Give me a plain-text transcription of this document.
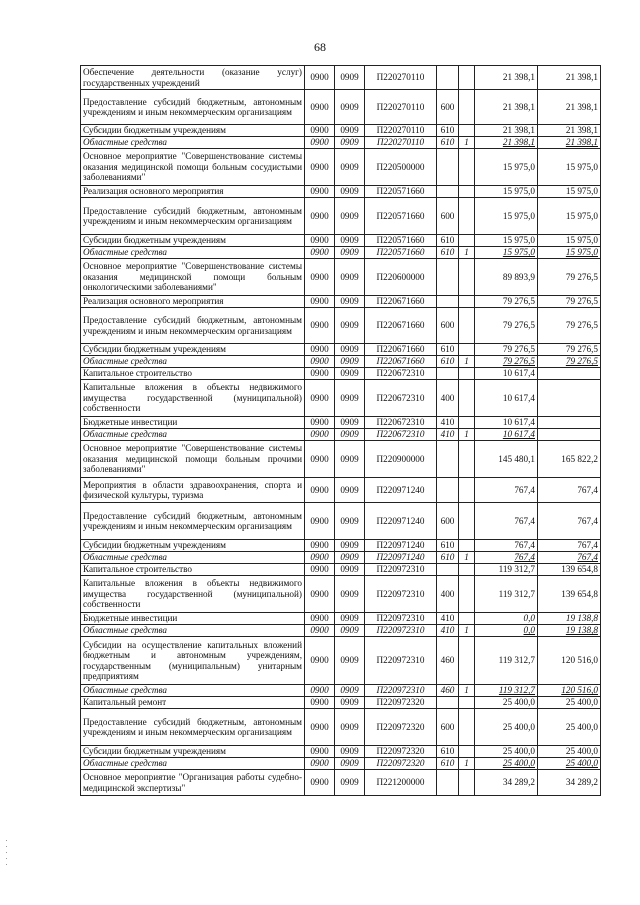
68
Обеспечение деятельности (оказание услуг) государственных учреждений	0900	0909	П220270110			21 398,1	21 398,1
Предоставление субсидий бюджетным, автономным учреждениям и иным некоммерческим организациям	0900	0909	П220270110	600		21 398,1	21 398,1
Субсидии бюджетным учреждениям	0900	0909	П220270110	610		21 398,1	21 398,1
Областные средства	0900	0909	П220270110	610	1	21 398,1	21 398,1
Основное мероприятие "Совершенствование системы оказания медицинской помощи больным сосудистыми заболеваниями"	0900	0909	П220500000			15 975,0	15 975,0
Реализация основного мероприятия	0900	0909	П220571660			15 975,0	15 975,0
Предоставление субсидий бюджетным, автономным учреждениям и иным некоммерческим организациям	0900	0909	П220571660	600		15 975,0	15 975,0
Субсидии бюджетным учреждениям	0900	0909	П220571660	610		15 975,0	15 975,0
Областные средства	0900	0909	П220571660	610	1	15 975,0	15 975,0
Основное мероприятие "Совершенствование системы оказания медицинской помощи больным онкологическими заболеваниями"	0900	0909	П220600000			89 893,9	79 276,5
Реализация основного мероприятия	0900	0909	П220671660			79 276,5	79 276,5
Предоставление субсидий бюджетным, автономным учреждениям и иным некоммерческим организациям	0900	0909	П220671660	600		79 276,5	79 276,5
Субсидии бюджетным учреждениям	0900	0909	П220671660	610		79 276,5	79 276,5
Областные средства	0900	0909	П220671660	610	1	79 276,5	79 276,5
Капитальное строительство	0900	0909	П220672310			10 617,4	
Капитальные вложения в объекты недвижимого имущества государственной (муниципальной) собственности	0900	0909	П220672310	400		10 617,4	
Бюджетные инвестиции	0900	0909	П220672310	410		10 617,4	
Областные средства	0900	0909	П220672310	410	1	10 617,4	
Основное мероприятие "Совершенствование системы оказания медицинской помощи больным прочими заболеваниями"	0900	0909	П220900000			145 480,1	165 822,2
Мероприятия в области здравоохранения, спорта и физической культуры, туризма	0900	0909	П220971240			767,4	767,4
Предоставление субсидий бюджетным, автономным учреждениям и иным некоммерческим организациям	0900	0909	П220971240	600		767,4	767,4
Субсидии бюджетным учреждениям	0900	0909	П220971240	610		767,4	767,4
Областные средства	0900	0909	П220971240	610	1	767,4	767,4
Капитальное строительство	0900	0909	П220972310			119 312,7	139 654,8
Капитальные вложения в объекты недвижимого имущества государственной (муниципальной) собственности	0900	0909	П220972310	400		119 312,7	139 654,8
Бюджетные инвестиции	0900	0909	П220972310	410		0,0	19 138,8
Областные средства	0900	0909	П220972310	410	1	0,0	19 138,8
Субсидии на осуществление капитальных вложений бюджетным и автономным учреждениям, государственным (муниципальным) унитарным предприятиям	0900	0909	П220972310	460		119 312,7	120 516,0
Областные средства	0900	0909	П220972310	460	1	119 312,7	120 516,0
Капитальный ремонт	0900	0909	П220972320			25 400,0	25 400,0
Предоставление субсидий бюджетным, автономным учреждениям и иным некоммерческим организациям	0900	0909	П220972320	600		25 400,0	25 400,0
Субсидии бюджетным учреждениям	0900	0909	П220972320	610		25 400,0	25 400,0
Областные средства	0900	0909	П220972320	610	1	25 400,0	25 400,0
Основное мероприятие "Организация работы судебно-медицинской экспертизы"	0900	0909	П221200000			34 289,2	34 289,2
